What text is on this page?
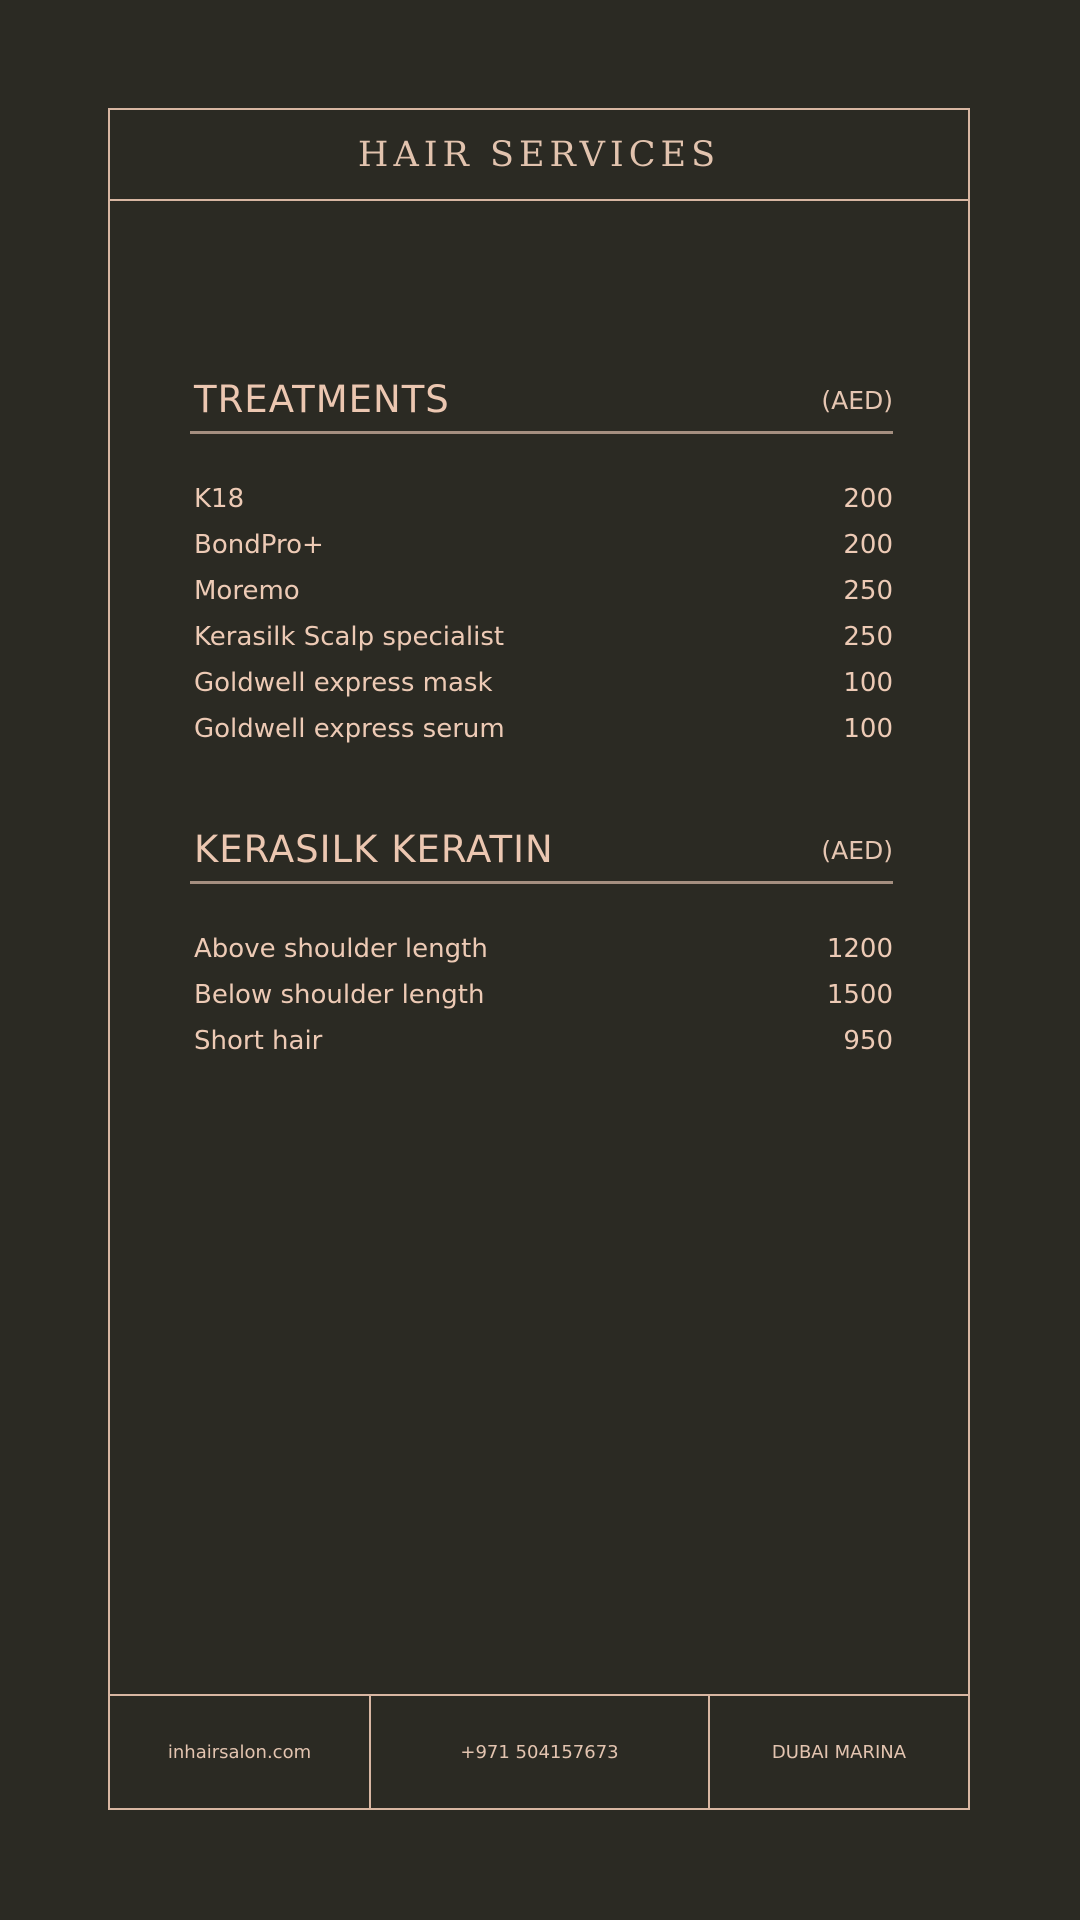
HAIR SERVICES
TREATMENTS	(AED)
K18	200
BondPro+	200
Moremo	250
Kerasilk Scalp specialist	250
Goldwell express mask	100
Goldwell express serum	100
KERASILK KERATIN	(AED)
Above shoulder length	1200
Below shoulder length	1500
Short hair	950
inhairsalon.com	+971 504157673	DUBAI MARINA
